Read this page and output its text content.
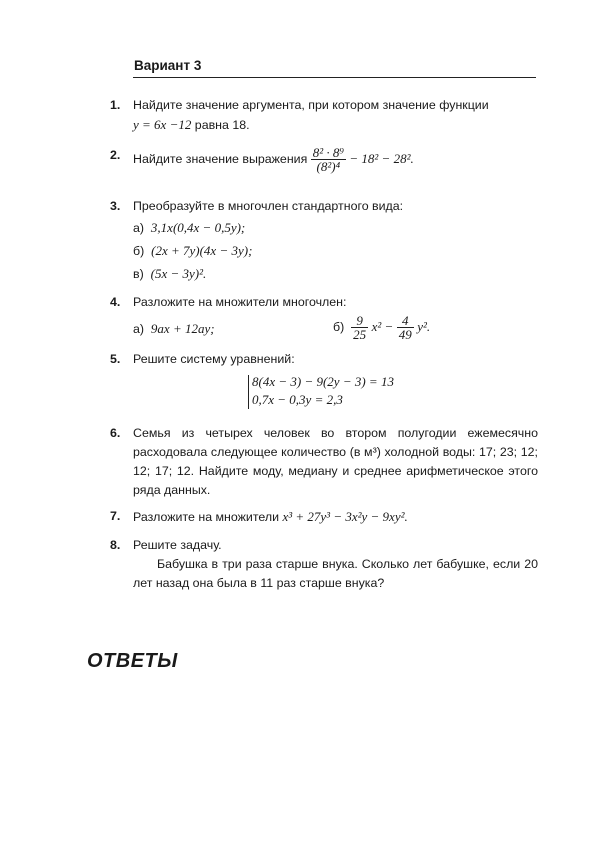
Вариант 3
1. Найдите значение аргумента, при котором значение функции
y = 6x −12 равна 18.
2. Найдите значение выражения $\frac{\text{8² · 8⁹}}{\text{(8²)⁴}} - 18^2 - 28^2$.
3. Преобразуйте в многочлен стандартного вида:
а) 3,1x(0,4x − 0,5y);
б) (2x + 7y)(4x − 3y);
в) (5x − 3y)².
4. Разложите на множители многочлен:
а) 9ax + 12ay;	$б) \frac{9}{25} x^2 - \frac{4}{49} y^2$.
5. Решите систему уравнений:
8(4x − 3) − 9(2y − 3) = 13
0,7x − 0,3y = 2,3
6. Семья из четырех человек во втором полугодии ежемесячно расходовала следующее количество (в м³) холодной воды: 17; 23; 12; 12; 17; 12. Найдите моду, медиану и среднее арифметическое этого ряда данных.
7. Разложите на множители x³ + 27y³ − 3x²y − 9xy².
8. Решите задачу.
Бабушка в три раза старше внука. Сколько лет бабушке, если 20 лет назад она была в 11 раз старше внука?
ОТВЕТЫ
